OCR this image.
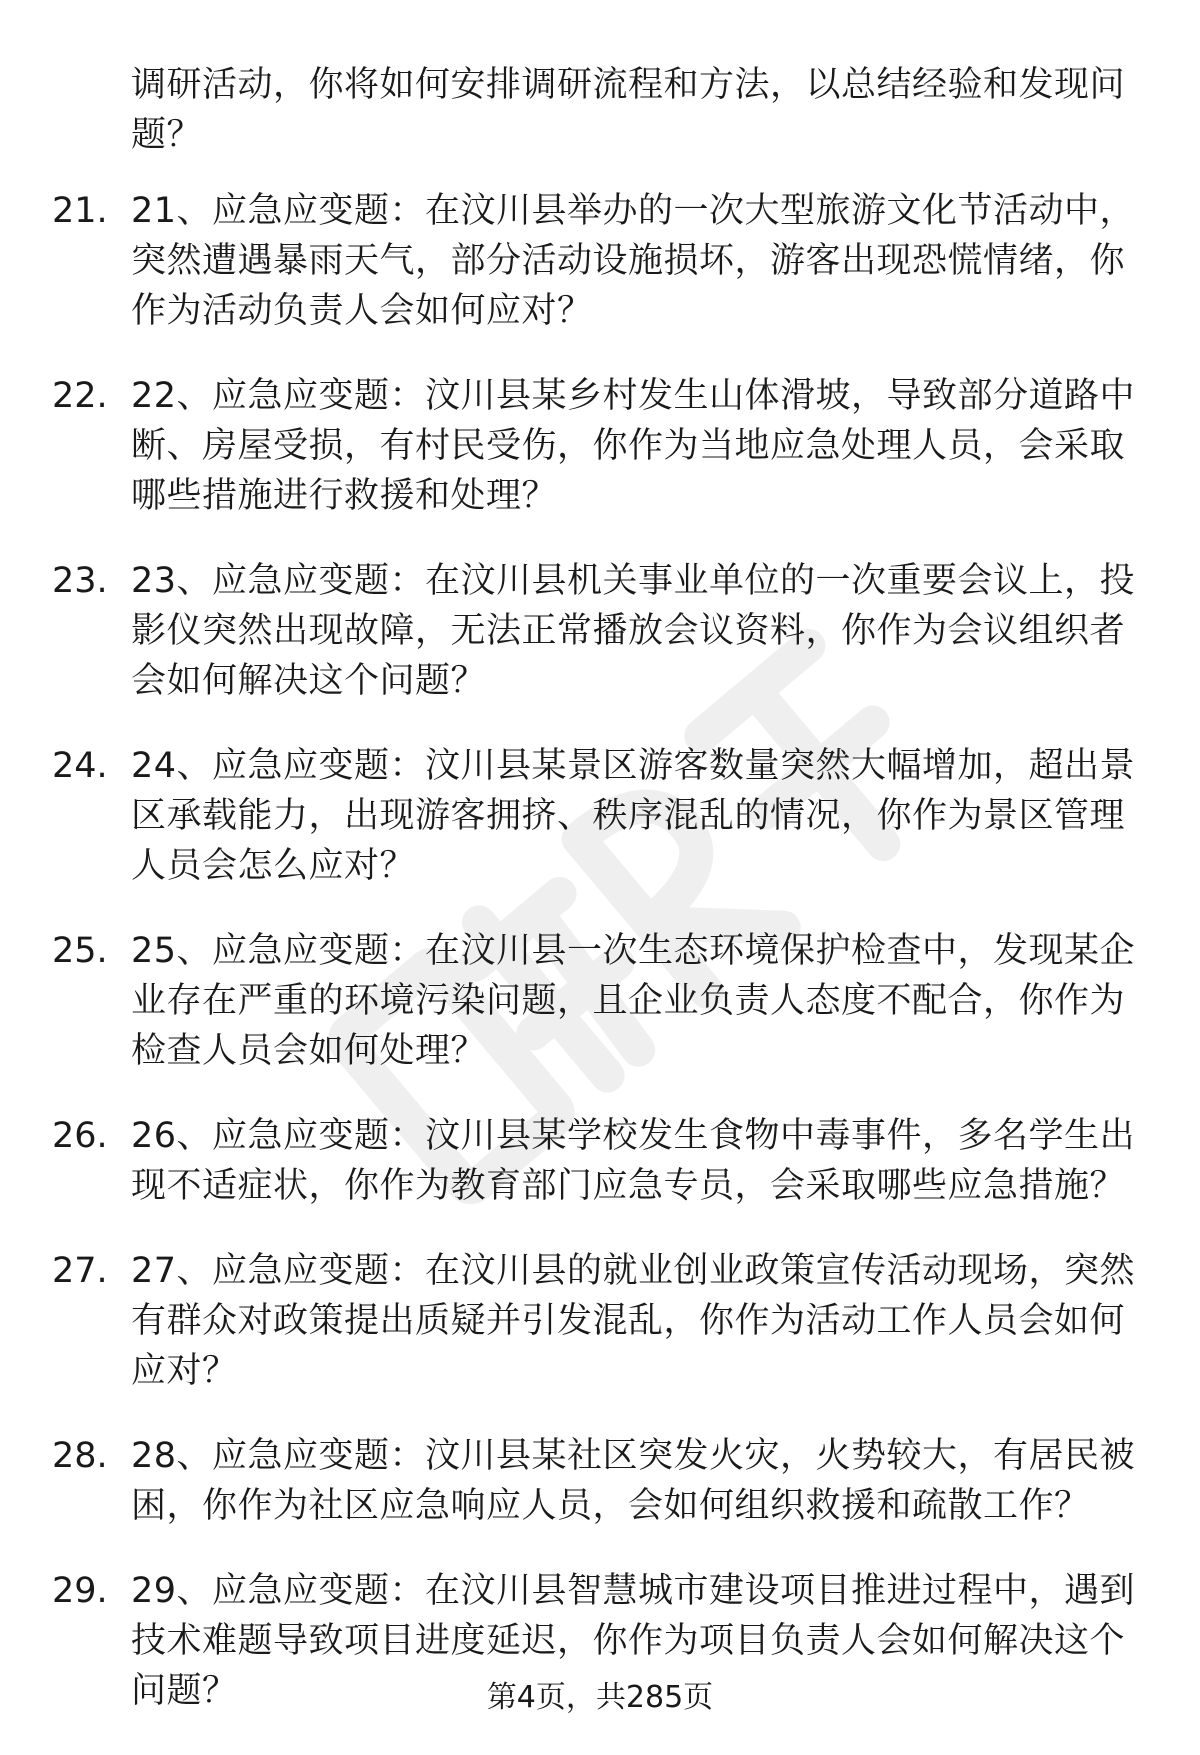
调研活动，你将如何安排调研流程和方法，以总结经验和发现问题？
21. 21、应急应变题：在汶川县举办的一次大型旅游文化节活动中，突然遭遇暴雨天气，部分活动设施损坏，游客出现恐慌情绪，你作为活动负责人会如何应对？
22. 22、应急应变题：汶川县某乡村发生山体滑坡，导致部分道路中断、房屋受损，有村民受伤，你作为当地应急处理人员，会采取哪些措施进行救援和处理？
23. 23、应急应变题：在汶川县机关事业单位的一次重要会议上，投影仪突然出现故障，无法正常播放会议资料，你作为会议组织者会如何解决这个问题？
24. 24、应急应变题：汶川县某景区游客数量突然大幅增加，超出景区承载能力，出现游客拥挤、秩序混乱的情况，你作为景区管理人员会怎么应对？
25. 25、应急应变题：在汶川县一次生态环境保护检查中，发现某企业存在严重的环境污染问题，且企业负责人态度不配合，你作为检查人员会如何处理？
26. 26、应急应变题：汶川县某学校发生食物中毒事件，多名学生出现不适症状，你作为教育部门应急专员，会采取哪些应急措施？
27. 27、应急应变题：在汶川县的就业创业政策宣传活动现场，突然有群众对政策提出质疑并引发混乱，你作为活动工作人员会如何应对？
28. 28、应急应变题：汶川县某社区突发火灾，火势较大，有居民被困，你作为社区应急响应人员，会如何组织救援和疏散工作？
29. 29、应急应变题：在汶川县智慧城市建设项目推进过程中，遇到技术难题导致项目进度延迟，你作为项目负责人会如何解决这个问题？	第4页，共285页
